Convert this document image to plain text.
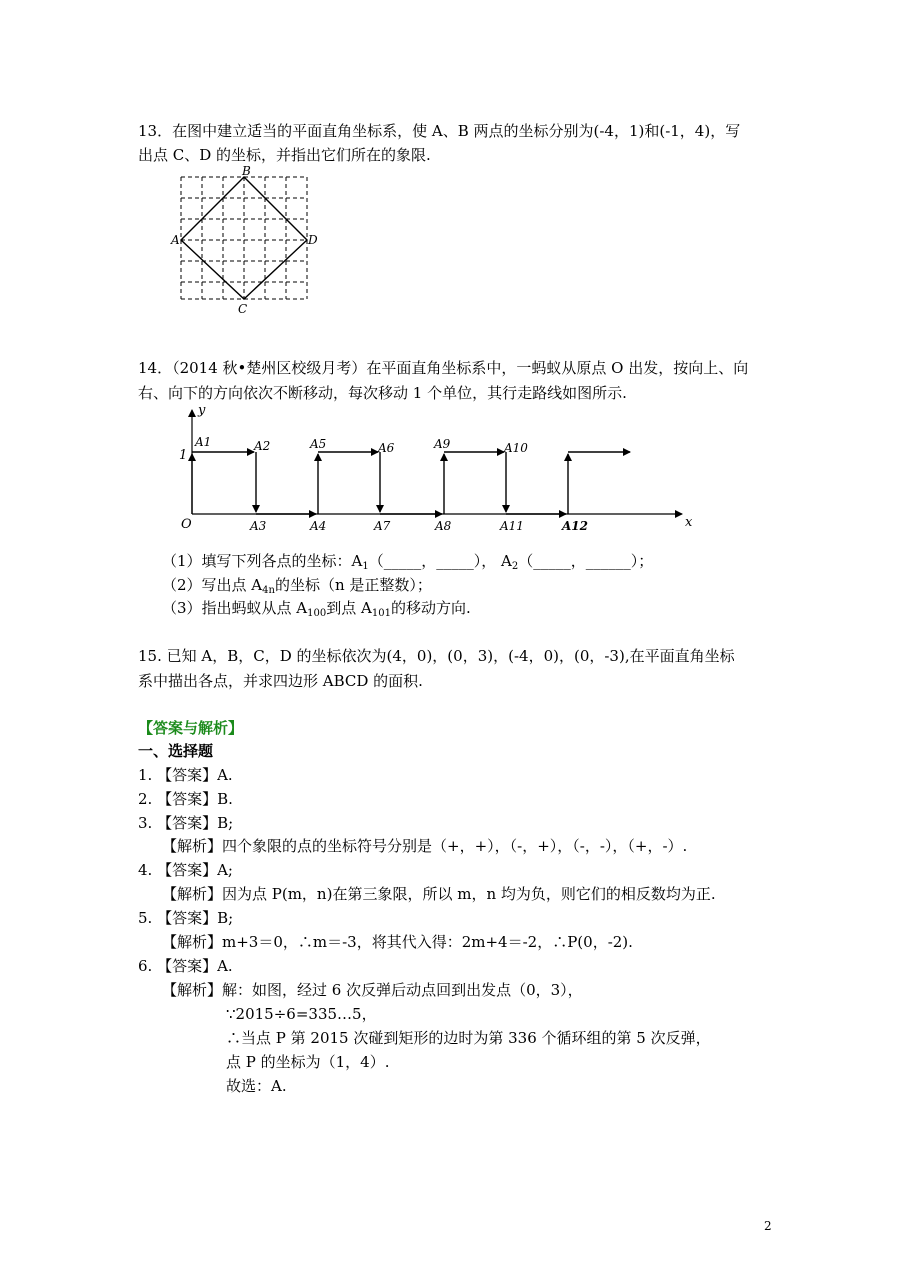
13．在图中建立适当的平面直角坐标系，使 A、B 两点的坐标分别为(-4，1)和(-1，4)，写
出点 C、D 的坐标，并指出它们所在的象限.
A
B
D
C
14．（2014 秋•楚州区校级月考）在平面直角坐标系中，一蚂蚁从原点 O 出发，按向上、向
右、向下的方向依次不断移动，每次移动 1 个单位，其行走路线如图所示.
y
x
O
1
A1	A2
A3	A4
A5	A6
A7	A8
A9	A10
A11	A12
（1）填写下列各点的坐标：$A_1(\_\_\_\_\_$，_____）， $A_2(\_\_\_\_\_$，______）；
（2）写出点 $A_{4n}$的坐标（n 是正整数）；
（3）指出蚂蚁从点 $A_{100}$到点 $A_{101}$的移动方向.
15. 已知 A，B，C，D 的坐标依次为(4，0)，(0，3)，(-4，0)，(0，-3),在平面直角坐标
系中描出各点，并求四边形 ABCD 的面积.
【答案与解析】
一、选择题
1. 【答案】A.
2. 【答案】B.
3. 【答案】B;
【解析】四个象限的点的坐标符号分别是（+，+），（-，+），（-，-），（+，-）.
4. 【答案】A;
【解析】因为点 P(m，n)在第三象限，所以 m，n 均为负，则它们的相反数均为正.
5. 【答案】B;
【解析】m+3＝0，∴m＝-3，将其代入得：2m+4＝-2，∴P(0，-2).
6. 【答案】A.
【解析】解：如图，经过 6 次反弹后动点回到出发点（0，3），
∵2015÷6=335…5，
∴当点 P 第 2015 次碰到矩形的边时为第 336 个循环组的第 5 次反弹，
点 P 的坐标为（1，4）.
故选：A.
2
